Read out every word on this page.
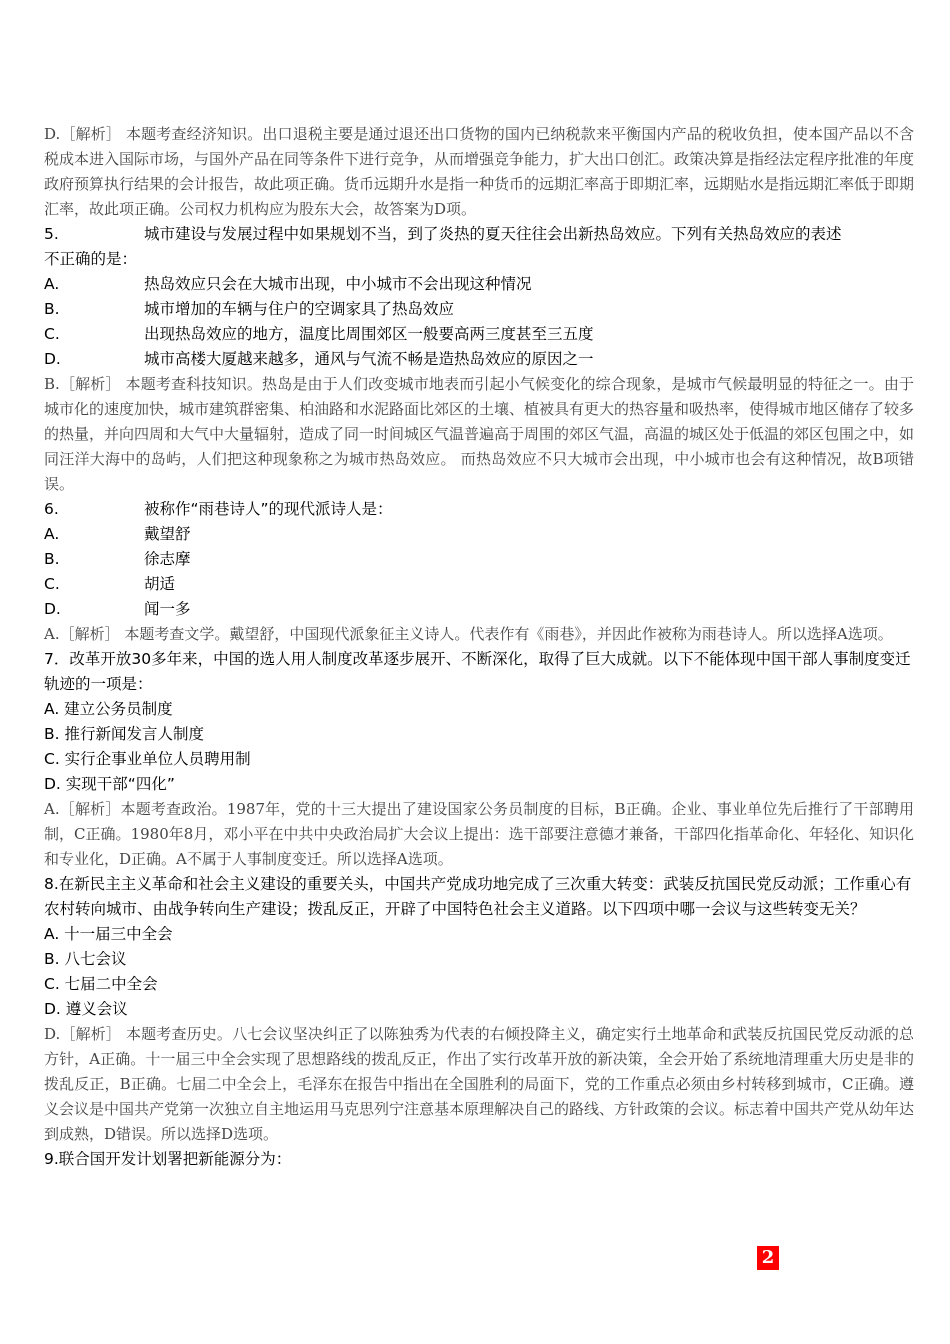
D.［解析］ 本题考查经济知识。出口退税主要是通过退还出口货物的国内已纳税款来平衡国内产品的税收负担，使本国产品以不含税成本进入国际市场，与国外产品在同等条件下进行竞争，从而增强竞争能力，扩大出口创汇。政策决算是指经法定程序批准的年度政府预算执行结果的会计报告，故此项正确。货币远期升水是指一种货币的远期汇率高于即期汇率，远期贴水是指远期汇率低于即期汇率，故此项正确。公司权力机构应为股东大会，故答案为D项。

5.	城市建设与发展过程中如果规划不当，到了炎热的夏天往往会出新热岛效应。下列有关热岛效应的表述

不正确的是：

A.	热岛效应只会在大城市出现，中小城市不会出现这种情况
B.	城市增加的车辆与住户的空调家具了热岛效应
C.	出现热岛效应的地方，温度比周围郊区一般要高两三度甚至三五度
D.	城市高楼大厦越来越多，通风与气流不畅是造热岛效应的原因之一

B.［解析］ 本题考查科技知识。热岛是由于人们改变城市地表而引起小气候变化的综合现象，是城市气候最明显的特征之一。由于城市化的速度加快，城市建筑群密集、柏油路和水泥路面比郊区的土壤、植被具有更大的热容量和吸热率，使得城市地区储存了较多的热量，并向四周和大气中大量辐射，造成了同一时间城区气温普遍高于周围的郊区气温，高温的城区处于低温的郊区包围之中，如同汪洋大海中的岛屿，人们把这种现象称之为城市热岛效应。 而热岛效应不只大城市会出现，中小城市也会有这种情况，故B项错误。

6.	被称作“雨巷诗人”的现代派诗人是：
A.	戴望舒
B.	徐志摩
C.	胡适
D.	闻一多

A.［解析］ 本题考查文学。戴望舒，中国现代派象征主义诗人。代表作有《雨巷》，并因此作被称为雨巷诗人。所以选择A选项。

7．改革开放30多年来，中国的选人用人制度改革逐步展开、不断深化，取得了巨大成就。以下不能体现中国干部人事制度变迁轨迹的一项是：

A. 建立公务员制度

B. 推行新闻发言人制度

C. 实行企事业单位人员聘用制

D. 实现干部“四化”

A.［解析］本题考查政治。1987年，党的十三大提出了建设国家公务员制度的目标，B正确。企业、事业单位先后推行了干部聘用制，C正确。1980年8月，邓小平在中共中央政治局扩大会议上提出：选干部要注意德才兼备，干部四化指革命化、年轻化、知识化和专业化，D正确。A不属于人事制度变迁。所以选择A选项。

8.在新民主主义革命和社会主义建设的重要关头，中国共产党成功地完成了三次重大转变：武装反抗国民党反动派；工作重心有农村转向城市、由战争转向生产建设；拨乱反正，开辟了中国特色社会主义道路。以下四项中哪一会议与这些转变无关？

A. 十一届三中全会

B. 八七会议

C. 七届二中全会

D. 遵义会议

D.［解析］ 本题考查历史。八七会议坚决纠正了以陈独秀为代表的右倾投降主义，确定实行土地革命和武装反抗国民党反动派的总方针，A正确。十一届三中全会实现了思想路线的拨乱反正，作出了实行改革开放的新决策，全会开始了系统地清理重大历史是非的拨乱反正，B正确。七届二中全会上，毛泽东在报告中指出在全国胜利的局面下，党的工作重点必须由乡村转移到城市，C正确。遵义会议是中国共产党第一次独立自主地运用马克思列宁注意基本原理解决自己的路线、方针政策的会议。标志着中国共产党从幼年达到成熟，D错误。所以选择D选项。

9.联合国开发计划署把新能源分为：

2
